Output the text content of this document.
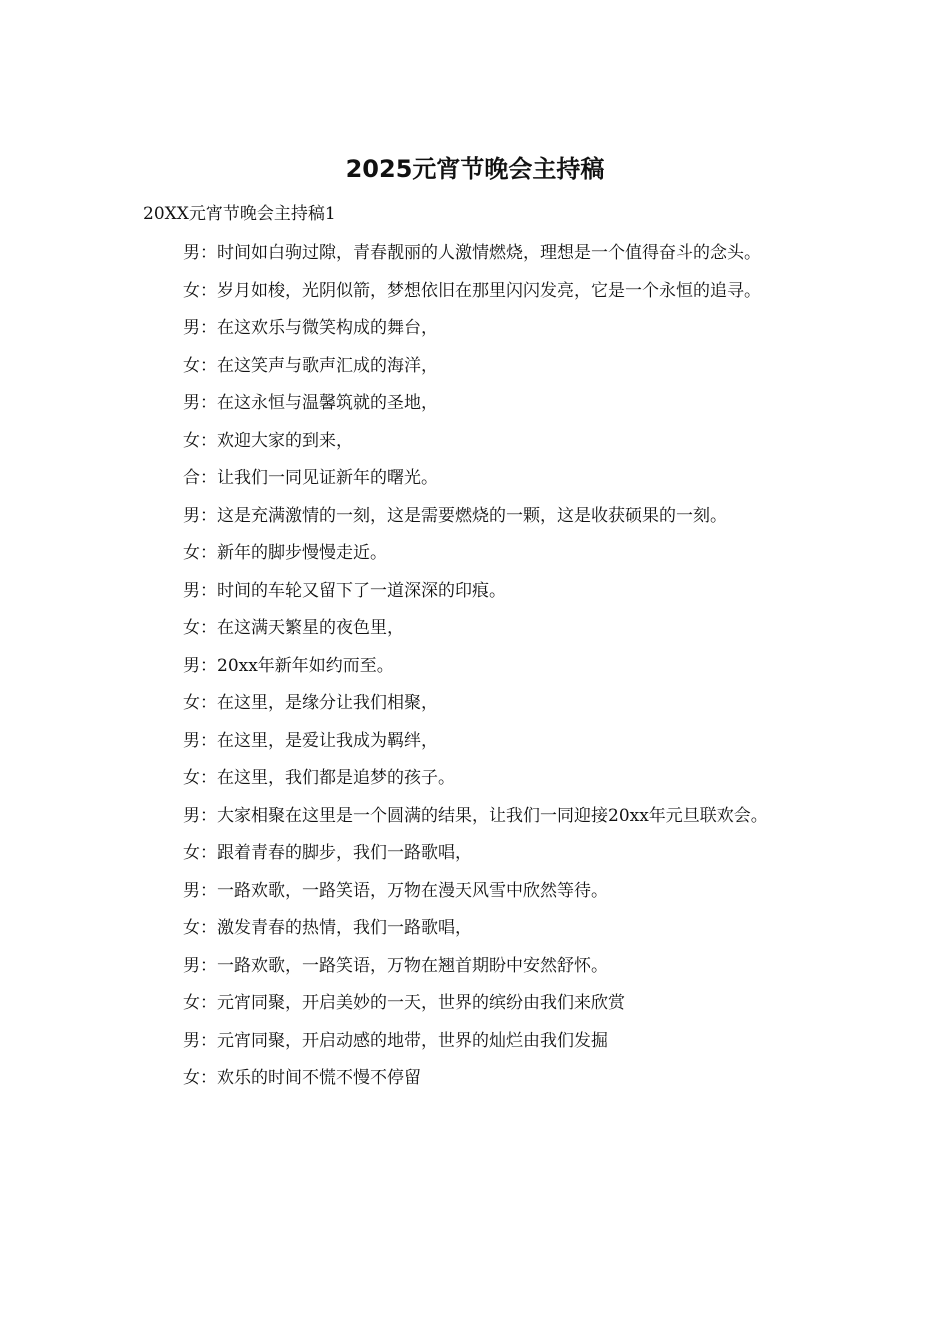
2025元宵节晚会主持稿

20XX元宵节晚会主持稿1

男：时间如白驹过隙，青春靓丽的人激情燃烧，理想是一个值得奋斗的念头。

女：岁月如梭，光阴似箭，梦想依旧在那里闪闪发亮，它是一个永恒的追寻。

男：在这欢乐与微笑构成的舞台，

女：在这笑声与歌声汇成的海洋，

男：在这永恒与温馨筑就的圣地，

女：欢迎大家的到来，

合：让我们一同见证新年的曙光。

男：这是充满激情的一刻，这是需要燃烧的一颗，这是收获硕果的一刻。

女：新年的脚步慢慢走近。

男：时间的车轮又留下了一道深深的印痕。

女：在这满天繁星的夜色里，

男：20xx年新年如约而至。

女：在这里，是缘分让我们相聚，

男：在这里，是爱让我成为羁绊，

女：在这里，我们都是追梦的孩子。

男：大家相聚在这里是一个圆满的结果，让我们一同迎接20xx年元旦联欢会。

女：跟着青春的脚步，我们一路歌唱，

男：一路欢歌，一路笑语，万物在漫天风雪中欣然等待。

女：激发青春的热情，我们一路歌唱，

男：一路欢歌，一路笑语，万物在翘首期盼中安然舒怀。

女：元宵同聚，开启美妙的一天，世界的缤纷由我们来欣赏

男：元宵同聚，开启动感的地带，世界的灿烂由我们发掘

女：欢乐的时间不慌不慢不停留
